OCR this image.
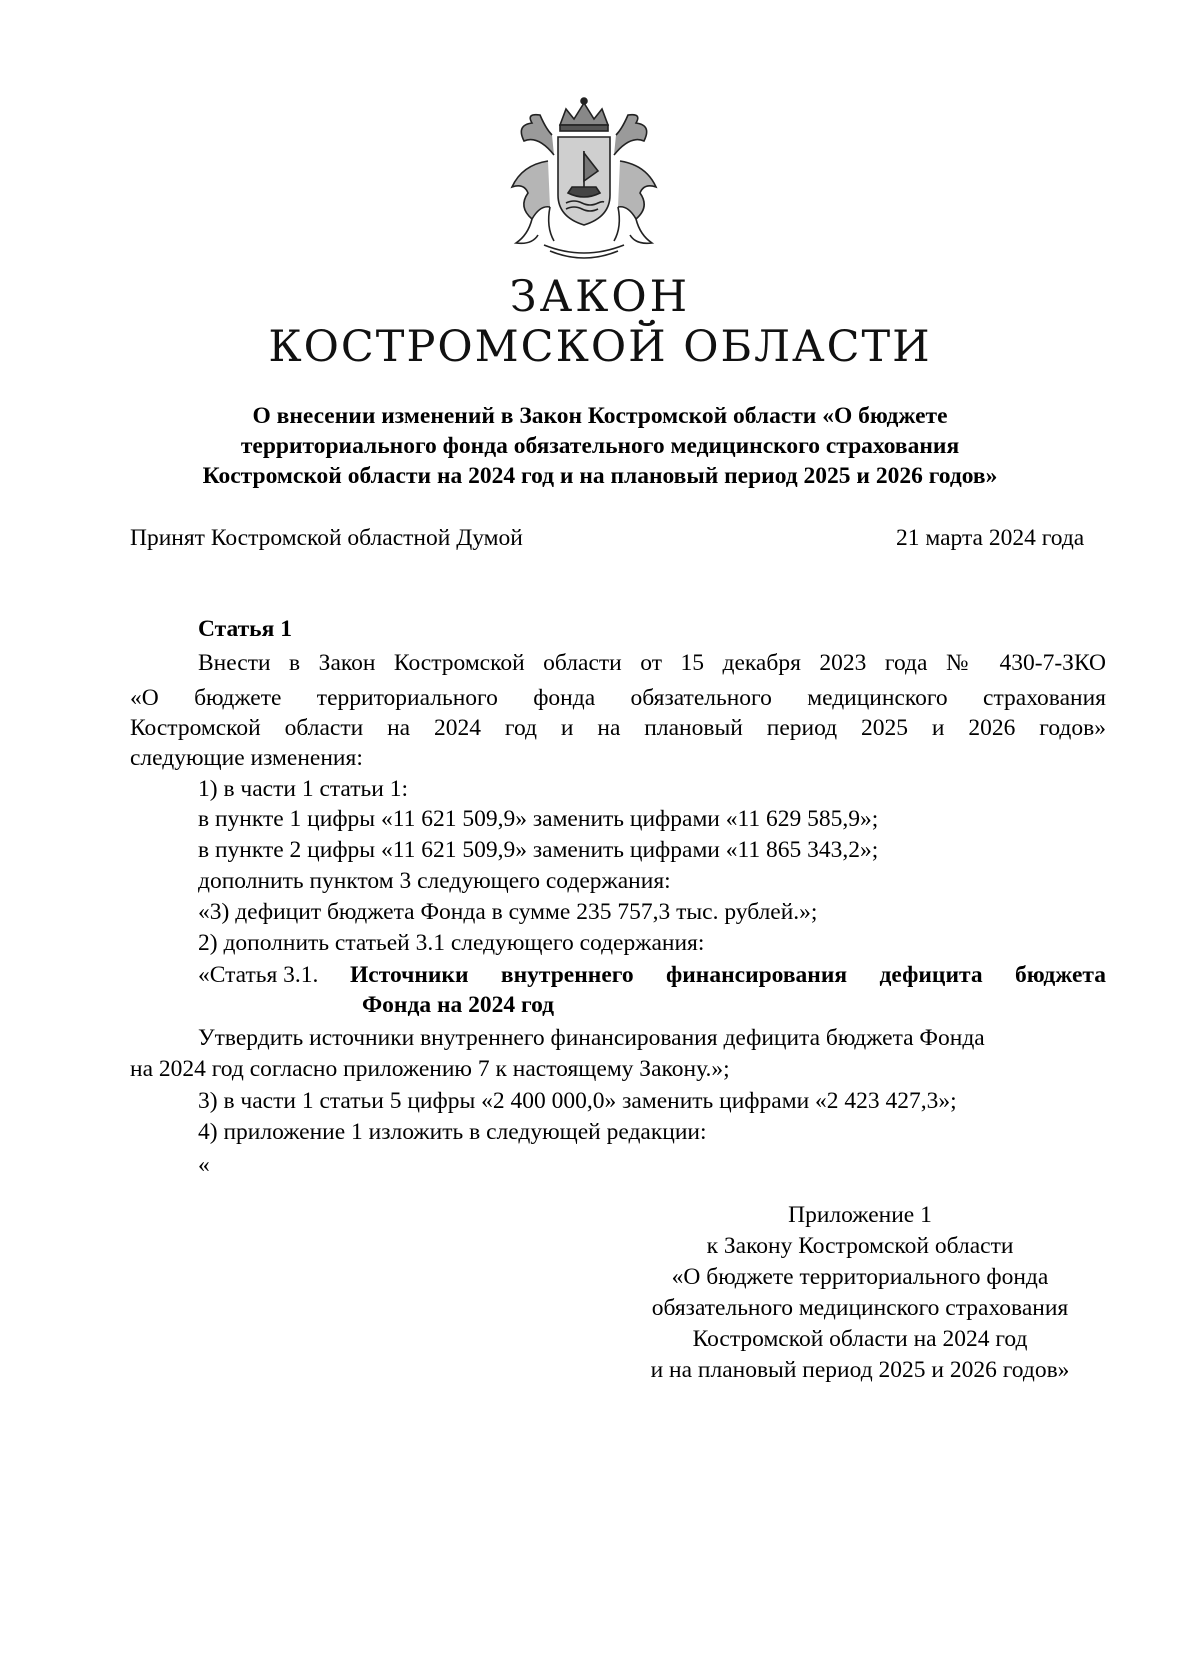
ЗАКОН
КОСТРОМСКОЙ ОБЛАСТИ
О внесении изменений в Закон Костромской области «О бюджете
территориального фонда обязательного медицинского страхования
Костромской области на 2024 год и на плановый период 2025 и 2026 годов»
Принят Костромской областной Думой	21 марта 2024 года
Статья 1
Внести в Закон Костромской области от 15 декабря 2023 года № 430-7-ЗКО
«О бюджете территориального фонда обязательного медицинского страхования
Костромской области на 2024 год и на плановый период 2025 и 2026 годов»
следующие изменения:
1) в части 1 статьи 1:
в пункте 1 цифры «11 621 509,9» заменить цифрами «11 629 585,9»;
в пункте 2 цифры «11 621 509,9» заменить цифрами «11 865 343,2»;
дополнить пунктом 3 следующего содержания:
«3) дефицит бюджета Фонда в сумме 235 757,3 тыс. рублей.»;
2) дополнить статьей 3.1 следующего содержания:
«Статья 3.1. Источники внутреннего финансирования дефицита бюджета
Фонда на 2024 год
Утвердить источники внутреннего финансирования дефицита бюджета Фонда
на 2024 год согласно приложению 7 к настоящему Закону.»;
3) в части 1 статьи 5 цифры «2 400 000,0» заменить цифрами «2 423 427,3»;
4) приложение 1 изложить в следующей редакции:
«
Приложение 1
к Закону Костромской области
«О бюджете территориального фонда
обязательного медицинского страхования
Костромской области на 2024 год
и на плановый период 2025 и 2026 годов»
